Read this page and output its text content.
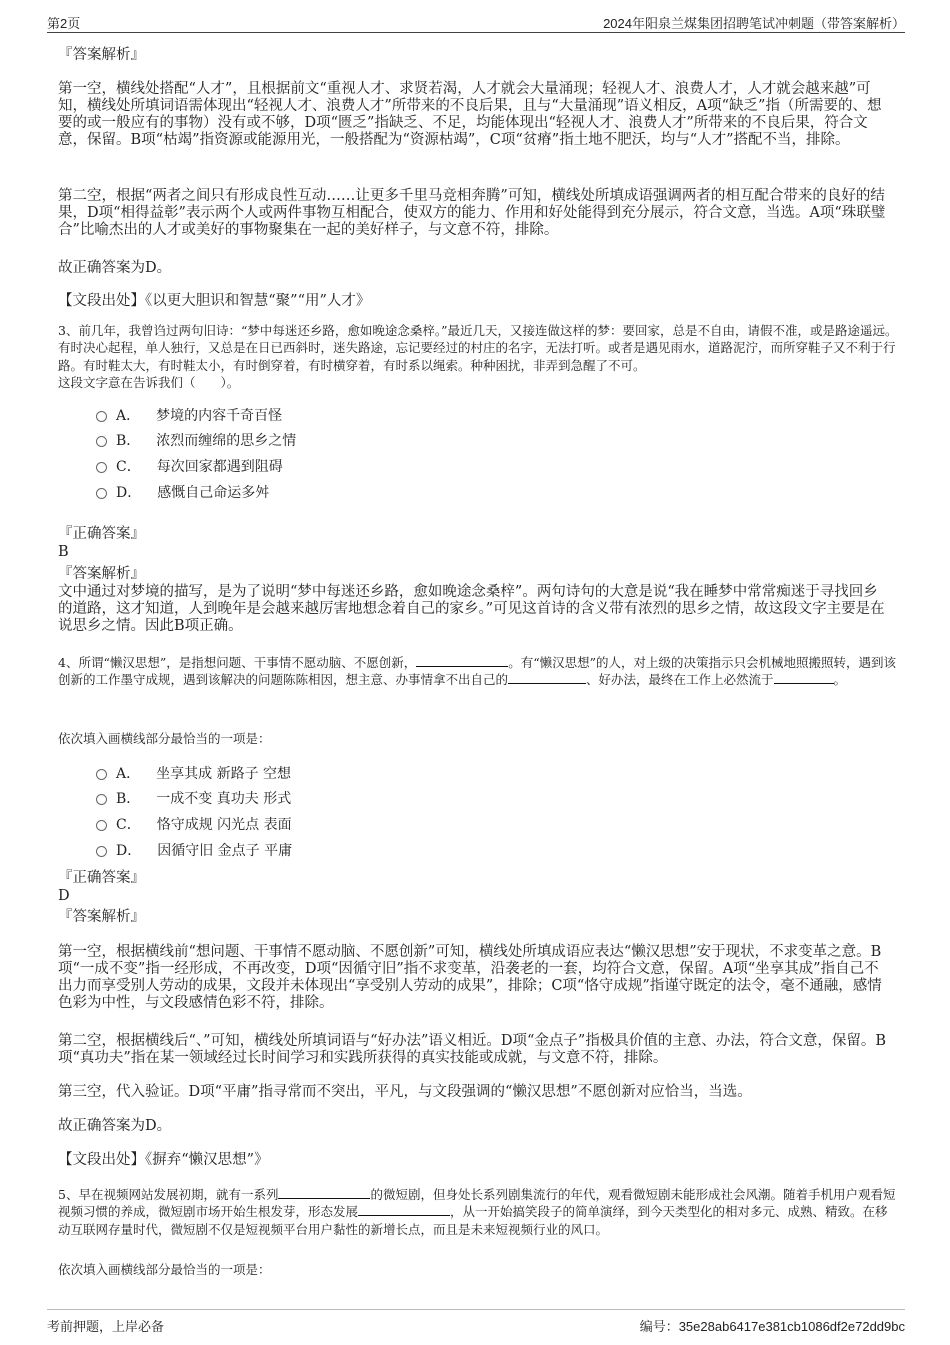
第2页	2024年阳泉兰煤集团招聘笔试冲刺题（带答案解析）
『答案解析』
第一空，横线处搭配“人才”，且根据前文“重视人才、求贤若渴，人才就会大量涌现；轻视人才、浪费人才，人才就会越来越”可知，横线处所填词语需体现出“轻视人才、浪费人才”所带来的不良后果，且与“大量涌现”语义相反，A项“缺乏”指（所需要的、想要的或一般应有的事物）没有或不够，D项“匮乏”指缺乏、不足，均能体现出“轻视人才、浪费人才”所带来的不良后果，符合文意，保留。B项“枯竭”指资源或能源用光，一般搭配为“资源枯竭”，C项“贫瘠”指土地不肥沃，均与“人才”搭配不当，排除。
第二空，根据“两者之间只有形成良性互动……让更多千里马竞相奔腾”可知，横线处所填成语强调两者的相互配合带来的良好的结果，D项“相得益彰”表示两个人或两件事物互相配合，使双方的能力、作用和好处能得到充分展示，符合文意，当选。A项“珠联璧合”比喻杰出的人才或美好的事物聚集在一起的美好样子，与文意不符，排除。
故正确答案为D。
【文段出处】《以更大胆识和智慧“聚”“用”人才》
3、前几年，我曾诌过两句旧诗：“梦中每迷还乡路，愈如晚途念桑梓。”最近几天，又接连做这样的梦：要回家，总是不自由，请假不准，或是路途遥远。有时决心起程，单人独行，又总是在日已西斜时，迷失路途，忘记要经过的村庄的名字，无法打听。或者是遇见雨水，道路泥泞，而所穿鞋子又不利于行路。有时鞋太大，有时鞋太小，有时倒穿着，有时横穿着，有时系以绳索。种种困扰，非弄到急醒了不可。
这段文字意在告诉我们（　　）。
A． 梦境的内容千奇百怪
B． 浓烈而缠绵的思乡之情
C． 每次回家都遇到阻碍
D． 感慨自己命运多舛
『正确答案』
B
『答案解析』
文中通过对梦境的描写，是为了说明“梦中每迷还乡路，愈如晚途念桑梓”。两句诗句的大意是说“我在睡梦中常常痴迷于寻找回乡的道路，这才知道，人到晚年是会越来越厉害地想念着自己的家乡。”可见这首诗的含义带有浓烈的思乡之情，故这段文字主要是在说思乡之情。因此B项正确。
4、所谓“懒汉思想”，是指想问题、干事情不愿动脑、不愿创新，	。有“懒汉思想”的人，对上级的决策指示只会机械地照搬照转，遇到该创新的工作墨守成规，遇到该解决的问题陈陈相因，想主意、办事情拿不出自己的	、好办法，最终在工作上必然流于	。
依次填入画横线部分最恰当的一项是：
A． 坐享其成 新路子 空想
B． 一成不变 真功夫 形式
C． 恪守成规 闪光点 表面
D． 因循守旧 金点子 平庸
『正确答案』
D
『答案解析』
第一空，根据横线前“想问题、干事情不愿动脑、不愿创新”可知，横线处所填成语应表达“懒汉思想”安于现状，不求变革之意。B项“一成不变”指一经形成，不再改变，D项“因循守旧”指不求变革，沿袭老的一套，均符合文意，保留。A项“坐享其成”指自己不出力而享受别人劳动的成果，文段并未体现出“享受别人劳动的成果”，排除；C项“恪守成规”指谨守既定的法令，毫不通融，感情色彩为中性，与文段感情色彩不符，排除。
第二空，根据横线后“、”可知，横线处所填词语与“好办法”语义相近。D项“金点子”指极具价值的主意、办法，符合文意，保留。B项“真功夫”指在某一领域经过长时间学习和实践所获得的真实技能或成就，与文意不符，排除。
第三空，代入验证。D项“平庸”指寻常而不突出，平凡，与文段强调的“懒汉思想”不愿创新对应恰当，当选。
故正确答案为D。
【文段出处】《摒弃“懒汉思想”》
5、早在视频网站发展初期，就有一系列	的微短剧，但身处长系列剧集流行的年代，观看微短剧未能形成社会风潮。随着手机用户观看短视频习惯的养成，微短剧市场开始生根发芽，形态发展	，从一开始搞笑段子的简单演绎，到今天类型化的相对多元、成熟、精致。在移动互联网存量时代，微短剧不仅是短视频平台用户黏性的新增长点，而且是未来短视频行业的风口。
依次填入画横线部分最恰当的一项是：
考前押题，上岸必备	编号：35e28ab6417e381cb1086df2e72dd9bc
